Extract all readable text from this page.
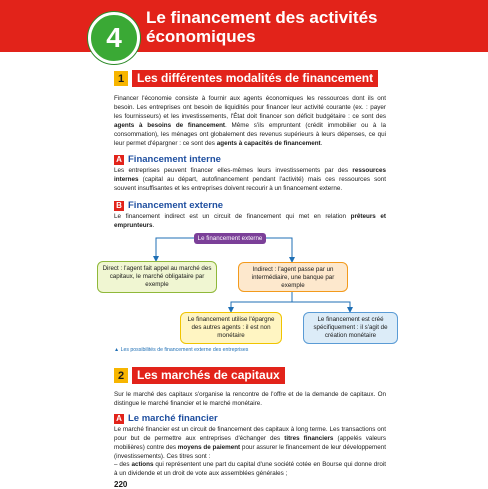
4
Le financement des activités économiques
1	Les différentes modalités de financement
Financer l'économie consiste à fournir aux agents économiques les ressources dont ils ont besoin. Les entreprises ont besoin de liquidités pour financer leur activité courante (ex. : payer les fournisseurs) et les investissements, l'État doit financer son déficit budgétaire : ce sont des agents à besoins de financement. Même s'ils empruntent (crédit immobilier ou à la consommation), les ménages ont globalement des revenus supérieurs à leurs dépenses, ce qui leur permet d'épargner : ce sont des agents à capacités de financement.
A Financement interne
Les entreprises peuvent financer elles-mêmes leurs investissements par des ressources internes (capital au départ, autofinancement pendant l'activité) mais ces ressources sont souvent insuffisantes et les entreprises doivent recourir à un financement externe.
B Financement externe
Le financement indirect est un circuit de financement qui met en relation prêteurs et emprunteurs.
Le financement externe
Direct : l'agent fait appel au marché des capitaux, le marché obligataire par exemple
Indirect : l'agent passe par un intermédiaire, une banque par exemple
Le financement utilise l'épargne des autres agents : il est non monétaire
Le financement est créé spécifiquement : il s'agit de création monétaire
▲ Les possibilités de financement externe des entreprises
2	Les marchés de capitaux
Sur le marché des capitaux s'organise la rencontre de l'offre et de la demande de capitaux. On distingue le marché financier et le marché monétaire.
A Le marché financier
Le marché financier est un circuit de financement des capitaux à long terme. Les transactions ont pour but de permettre aux entreprises d'échanger des titres financiers (appelés valeurs mobilières) contre des moyens de paiement pour assurer le financement de leur développement (investissements). Ces titres sont :
– des actions qui représentent une part du capital d'une société cotée en Bourse qui donne droit à un dividende et un droit de vote aux assemblées générales ;
220
